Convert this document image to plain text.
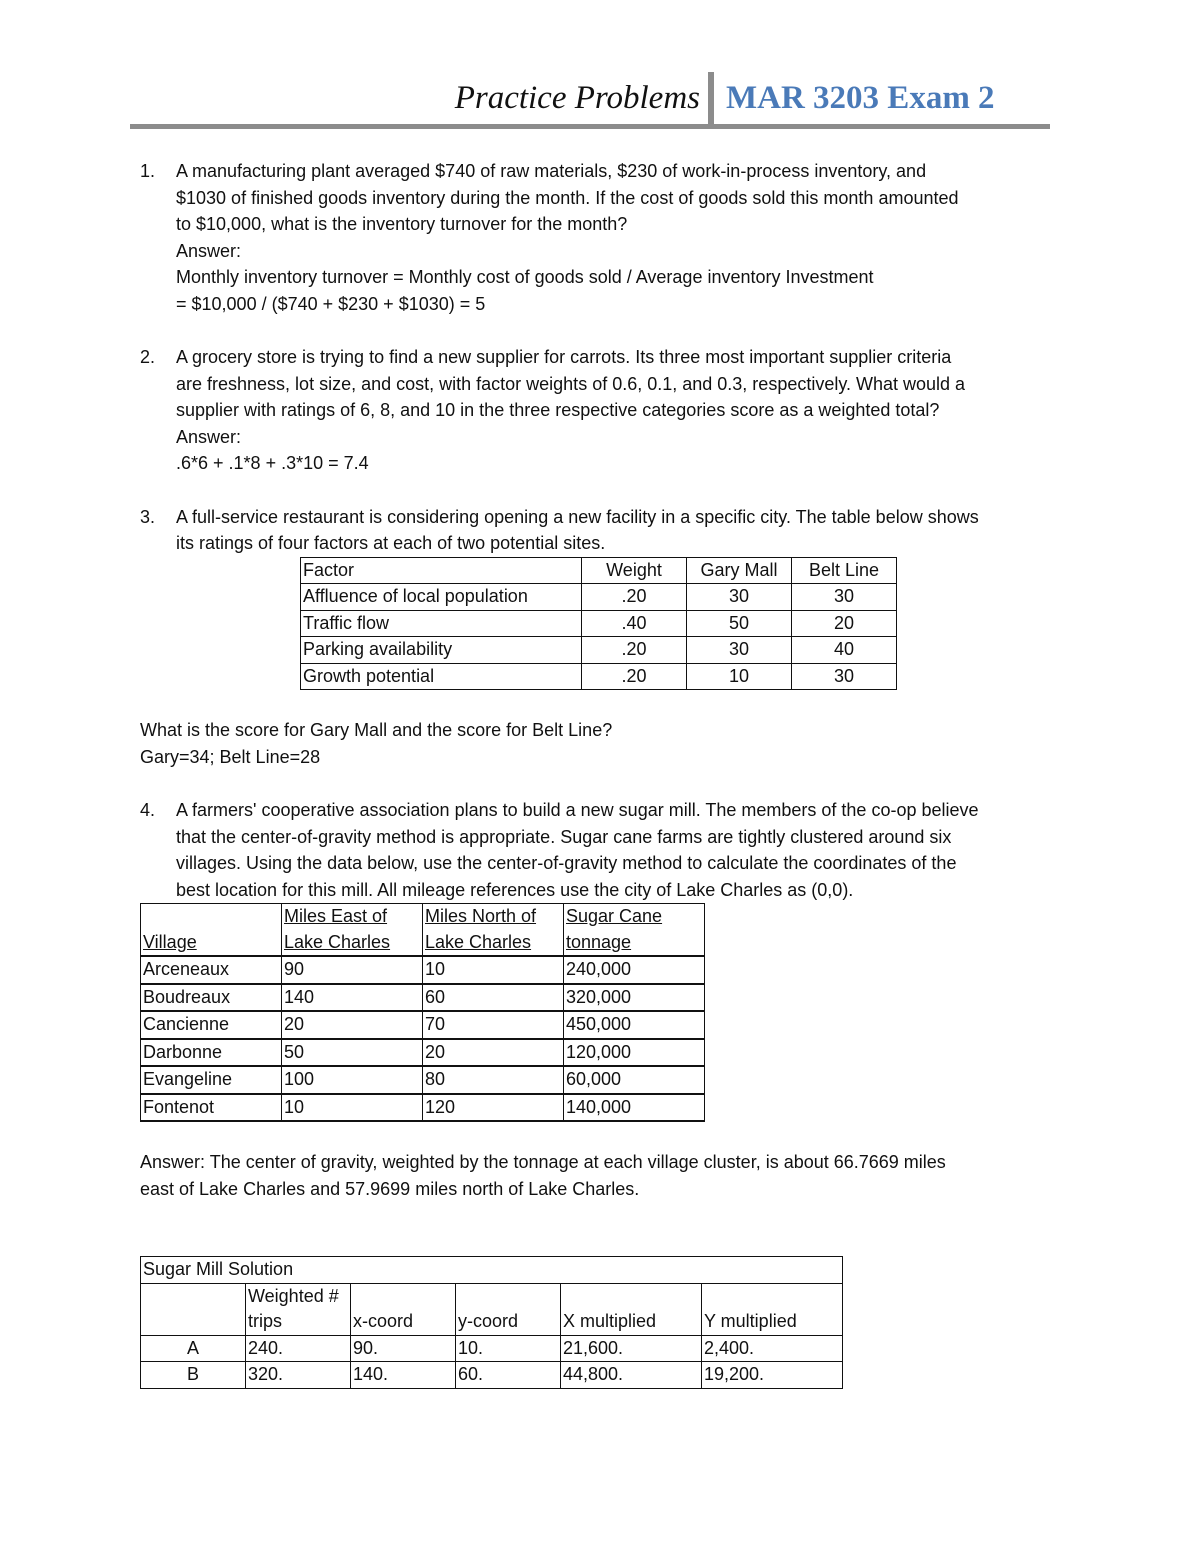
Practice Problems MAR 3203 Exam 2
1. A manufacturing plant averaged $740 of raw materials, $230 of work-in-process inventory, and

$1030 of finished goods inventory during the month. If the cost of goods sold this month amounted

to $10,000, what is the inventory turnover for the month?

Answer:

Monthly inventory turnover = Monthly cost of goods sold / Average inventory Investment

= $10,000 / ($740 + $230 + $1030) = 5

2. A grocery store is trying to find a new supplier for carrots. Its three most important supplier criteria

are freshness, lot size, and cost, with factor weights of 0.6, 0.1, and 0.3, respectively. What would a

supplier with ratings of 6, 8, and 10 in the three respective categories score as a weighted total?

Answer:

.6*6 + .1*8 + .3*10 = 7.4

3. A full-service restaurant is considering opening a new facility in a specific city. The table below shows

its ratings of four factors at each of two potential sites.

Factor	Weight	Gary Mall	Belt Line
Affluence of local population	.20	30	30
Traffic flow	.40	50	20
Parking availability	.20	30	40
Growth potential	.20	10	30

What is the score for Gary Mall and the score for Belt Line?

Gary=34; Belt Line=28

4. A farmers' cooperative association plans to build a new sugar mill. The members of the co-op believe

that the center-of-gravity method is appropriate. Sugar cane farms are tightly clustered around six

villages. Using the data below, use the center-of-gravity method to calculate the coordinates of the

best location for this mill. All mileage references use the city of Lake Charles as (0,0).

	Miles East of	Miles North of	Sugar Cane
Village	Lake Charles	Lake Charles	tonnage
Arceneaux	90	10	240,000
Boudreaux	140	60	320,000
Cancienne	20	70	450,000
Darbonne	50	20	120,000
Evangeline	100	80	60,000
Fontenot	10	120	140,000

Answer: The center of gravity, weighted by the tonnage at each village cluster, is about 66.7669 miles

east of Lake Charles and 57.9699 miles north of Lake Charles.

Sugar Mill Solution					
	Weighted #				
	trips	x-coord	y-coord	X multiplied	Y multiplied
A	240.	90.	10.	21,600.	2,400.
B	320.	140.	60.	44,800.	19,200.
